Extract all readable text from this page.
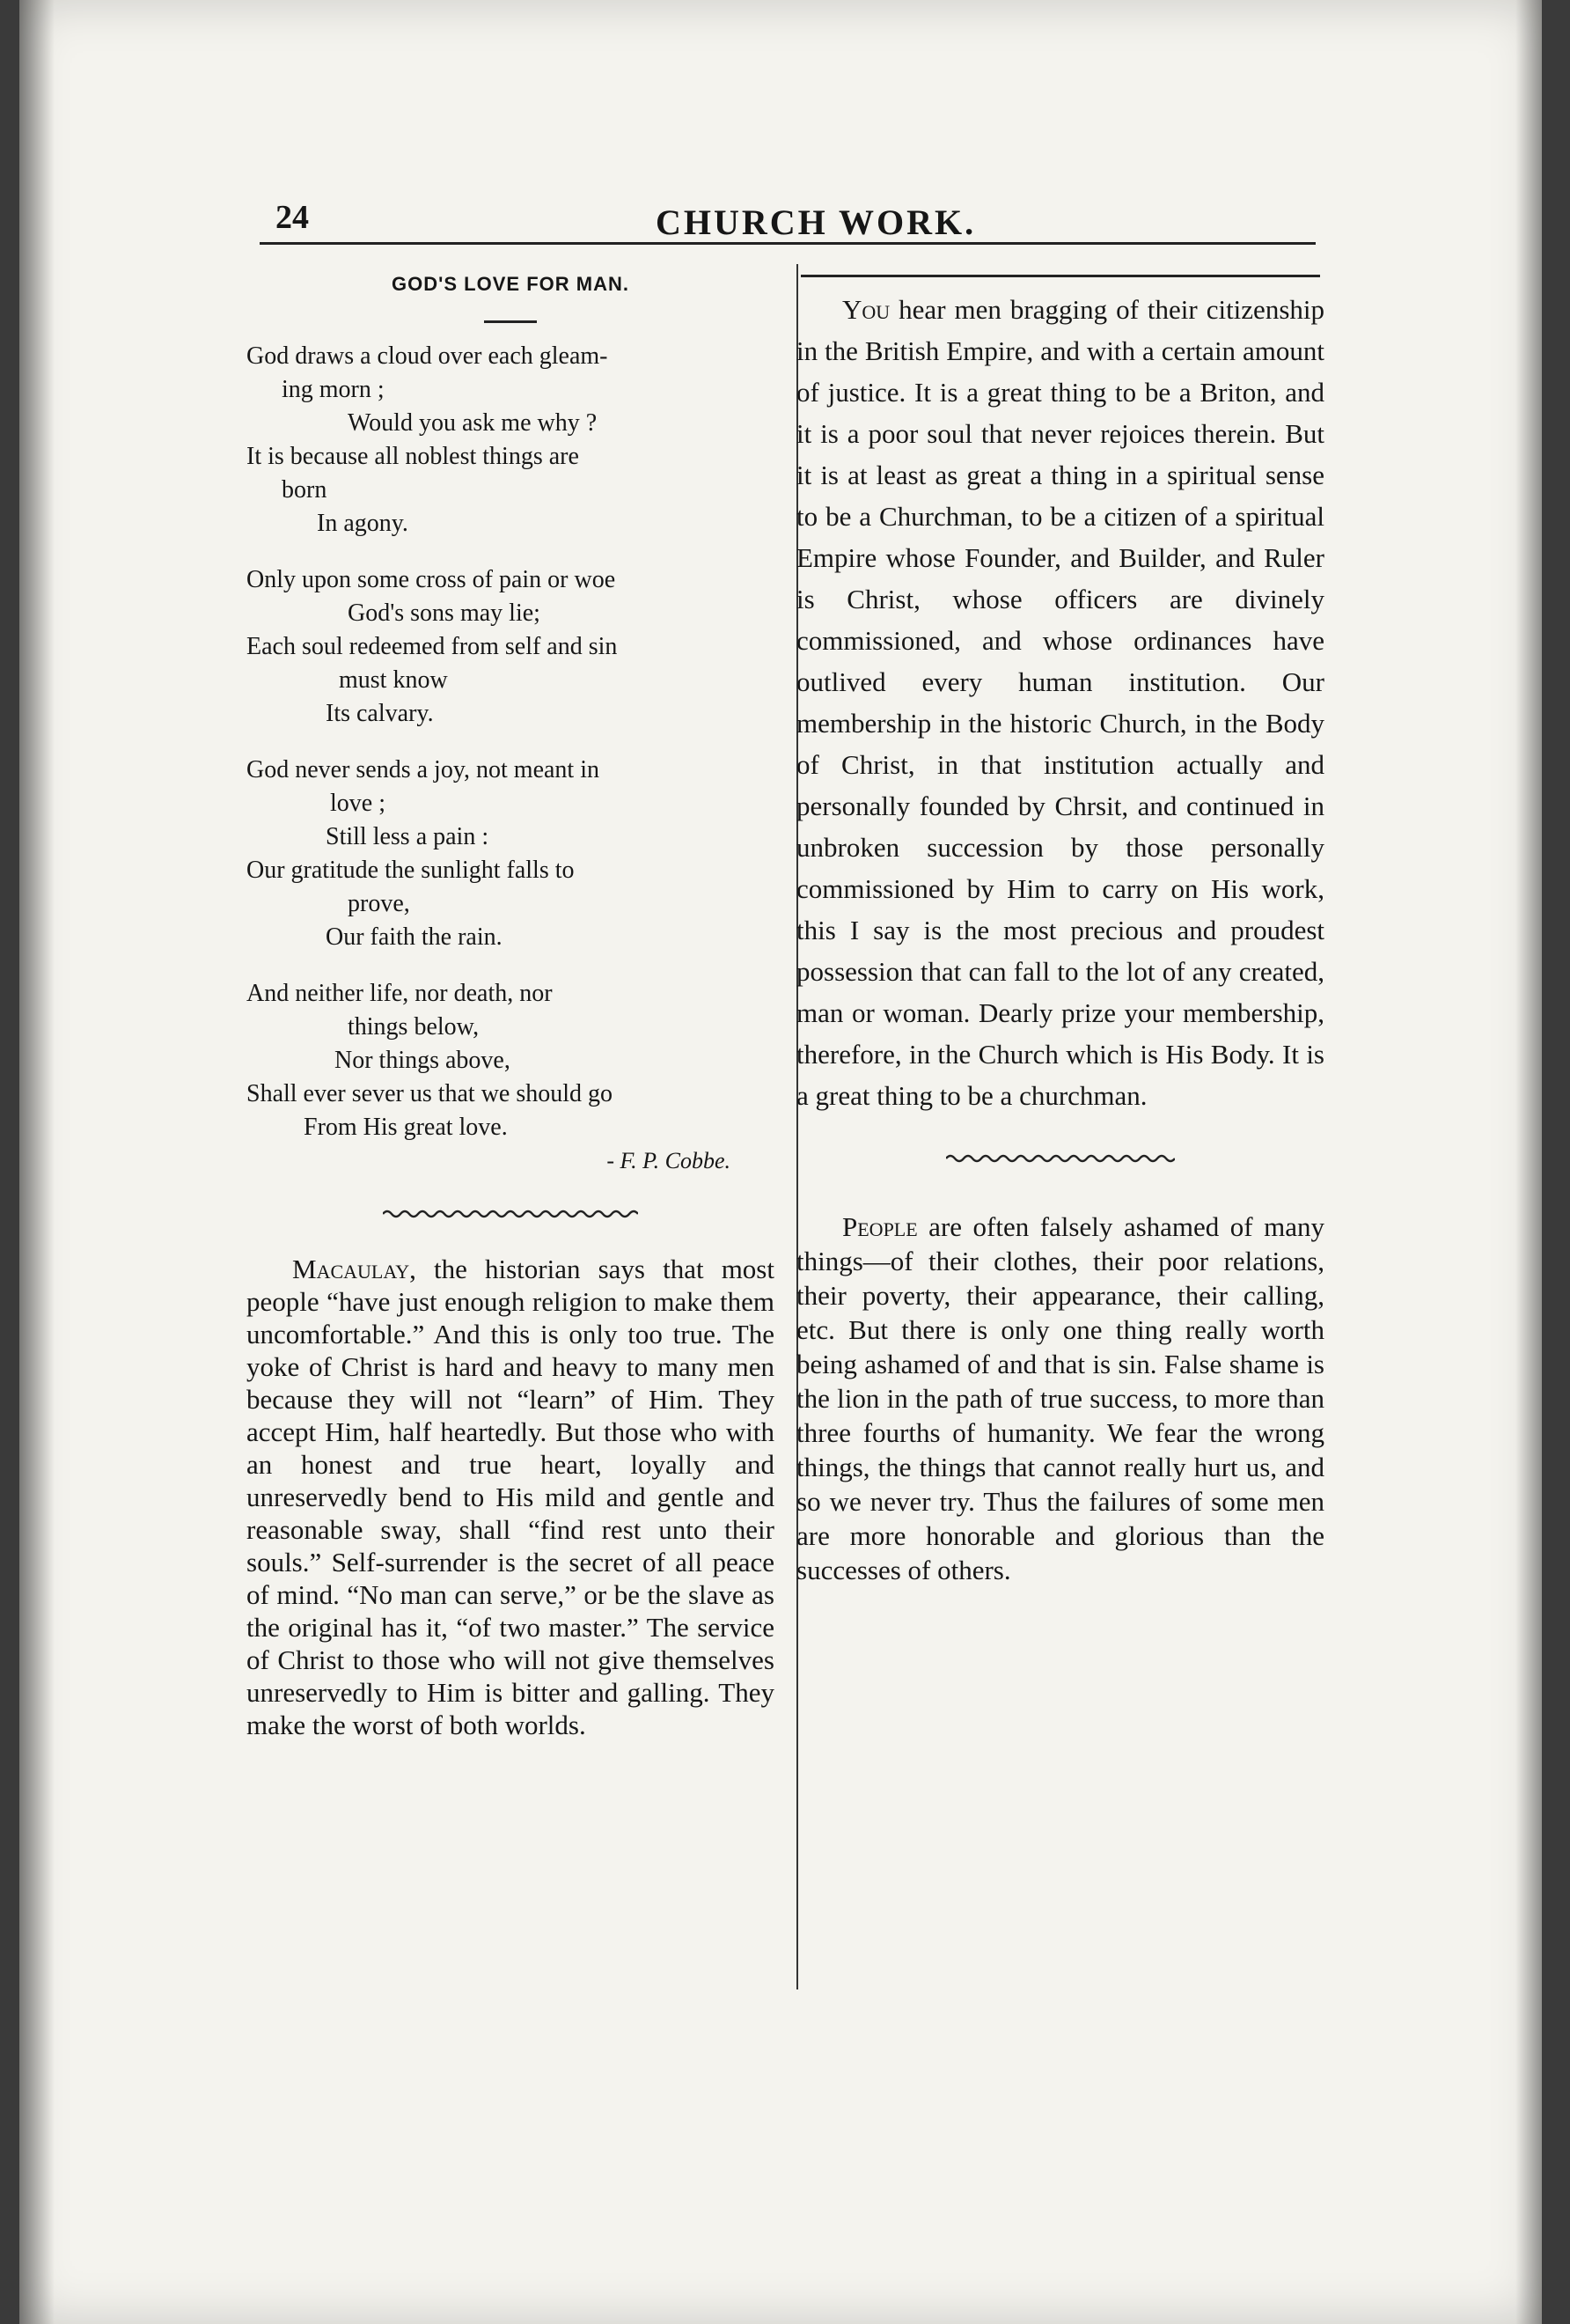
24	CHURCH WORK.
GOD'S LOVE FOR MAN.
God draws a cloud over each gleam-
ing morn ;
Would you ask me why ?
It is because all noblest things are
born
In agony.
Only upon some cross of pain or woe
God's sons may lie;
Each soul redeemed from self and sin
must know
Its calvary.
God never sends a joy, not meant in
love ;
Still less a pain :
Our gratitude the sunlight falls to
prove,
Our faith the rain.
And neither life, nor death, nor
things below,
Nor things above,
Shall ever sever us that we should go
From His great love.
- F. P. Cobbe.

Macaulay, the historian says that most people “have just enough religion to make them uncomfortable.” And this is only too true. The yoke of Christ is hard and heavy to many men because they will not “learn” of Him. They accept Him, half heartedly. But those who with an honest and true heart, loyally and unreservedly bend to His mild and gentle and reasonable sway, shall “find rest unto their souls.” Self-surrender is the secret of all peace of mind. “No man can serve,” or be the slave as the original has it, “of two master.” The service of Christ to those who will not give themselves unreservedly to Him is bitter and galling. They make the worst of both worlds.

You hear men bragging of their citizenship in the British Empire, and with a certain amount of justice. It is a great thing to be a Briton, and it is a poor soul that never rejoices therein. But it is at least as great a thing in a spiritual sense to be a Churchman, to be a citizen of a spiritual Empire whose Founder, and Builder, and Ruler is Christ, whose officers are divinely commissioned, and whose ordinances have outlived every human institution. Our membership in the historic Church, in the Body of Christ, in that institution actually and personally founded by Chrsit, and continued in unbroken succession by those personally commissioned by Him to carry on His work, this I say is the most precious and proudest possession that can fall to the lot of any created, man or woman. Dearly prize your membership, therefore, in the Church which is His Body. It is a great thing to be a churchman.

People are often falsely ashamed of many things—of their clothes, their poor relations, their poverty, their appearance, their calling, etc. But there is only one thing really worth being ashamed of and that is sin. False shame is the lion in the path of true success, to more than three fourths of humanity. We fear the wrong things, the things that cannot really hurt us, and so we never try. Thus the failures of some men are more honorable and glorious than the successes of others.
